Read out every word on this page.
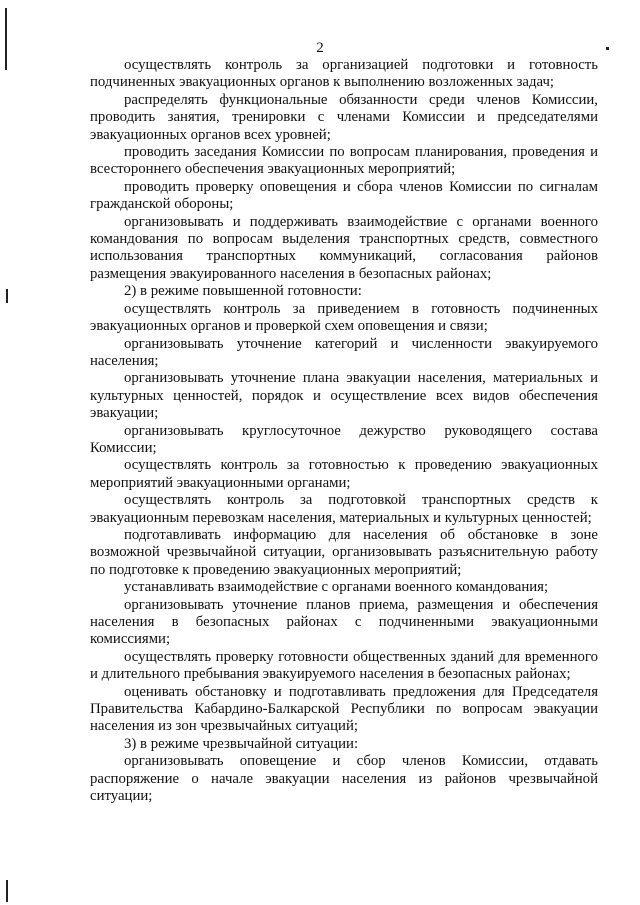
2

осуществлять контроль за организацией подготовки и готовность подчиненных эвакуационных органов к выполнению возложенных задач;

распределять функциональные обязанности среди членов Комиссии, проводить занятия, тренировки с членами Комиссии и председателями эвакуационных органов всех уровней;

проводить заседания Комиссии по вопросам планирования, проведения и всестороннего обеспечения эвакуационных мероприятий;

проводить проверку оповещения и сбора членов Комиссии по сигналам гражданской обороны;

организовывать и поддерживать взаимодействие с органами военного командования по вопросам выделения транспортных средств, совместного использования транспортных коммуникаций, согласования районов размещения эвакуированного населения в безопасных районах;

2) в режиме повышенной готовности:

осуществлять контроль за приведением в готовность подчиненных эвакуационных органов и проверкой схем оповещения и связи;

организовывать уточнение категорий и численности эвакуируемого населения;

организовывать уточнение плана эвакуации населения, материальных и культурных ценностей, порядок и осуществление всех видов обеспечения эвакуации;

организовывать круглосуточное дежурство руководящего состава Комиссии;

осуществлять контроль за готовностью к проведению эвакуационных мероприятий эвакуационными органами;

осуществлять контроль за подготовкой транспортных средств к эвакуационным перевозкам населения, материальных и культурных ценностей;

подготавливать информацию для населения об обстановке в зоне возможной чрезвычайной ситуации, организовывать разъяснительную работу по подготовке к проведению эвакуационных мероприятий;

устанавливать взаимодействие с органами военного командования;

организовывать уточнение планов приема, размещения и обеспечения населения в безопасных районах с подчиненными эвакуационными комиссиями;

осуществлять проверку готовности общественных зданий для временного и длительного пребывания эвакуируемого населения в безопасных районах;

оценивать обстановку и подготавливать предложения для Председателя Правительства Кабардино-Балкарской Республики по вопросам эвакуации населения из зон чрезвычайных ситуаций;

3) в режиме чрезвычайной ситуации:

организовывать оповещение и сбор членов Комиссии, отдавать распоряжение о начале эвакуации населения из районов чрезвычайной ситуации;
